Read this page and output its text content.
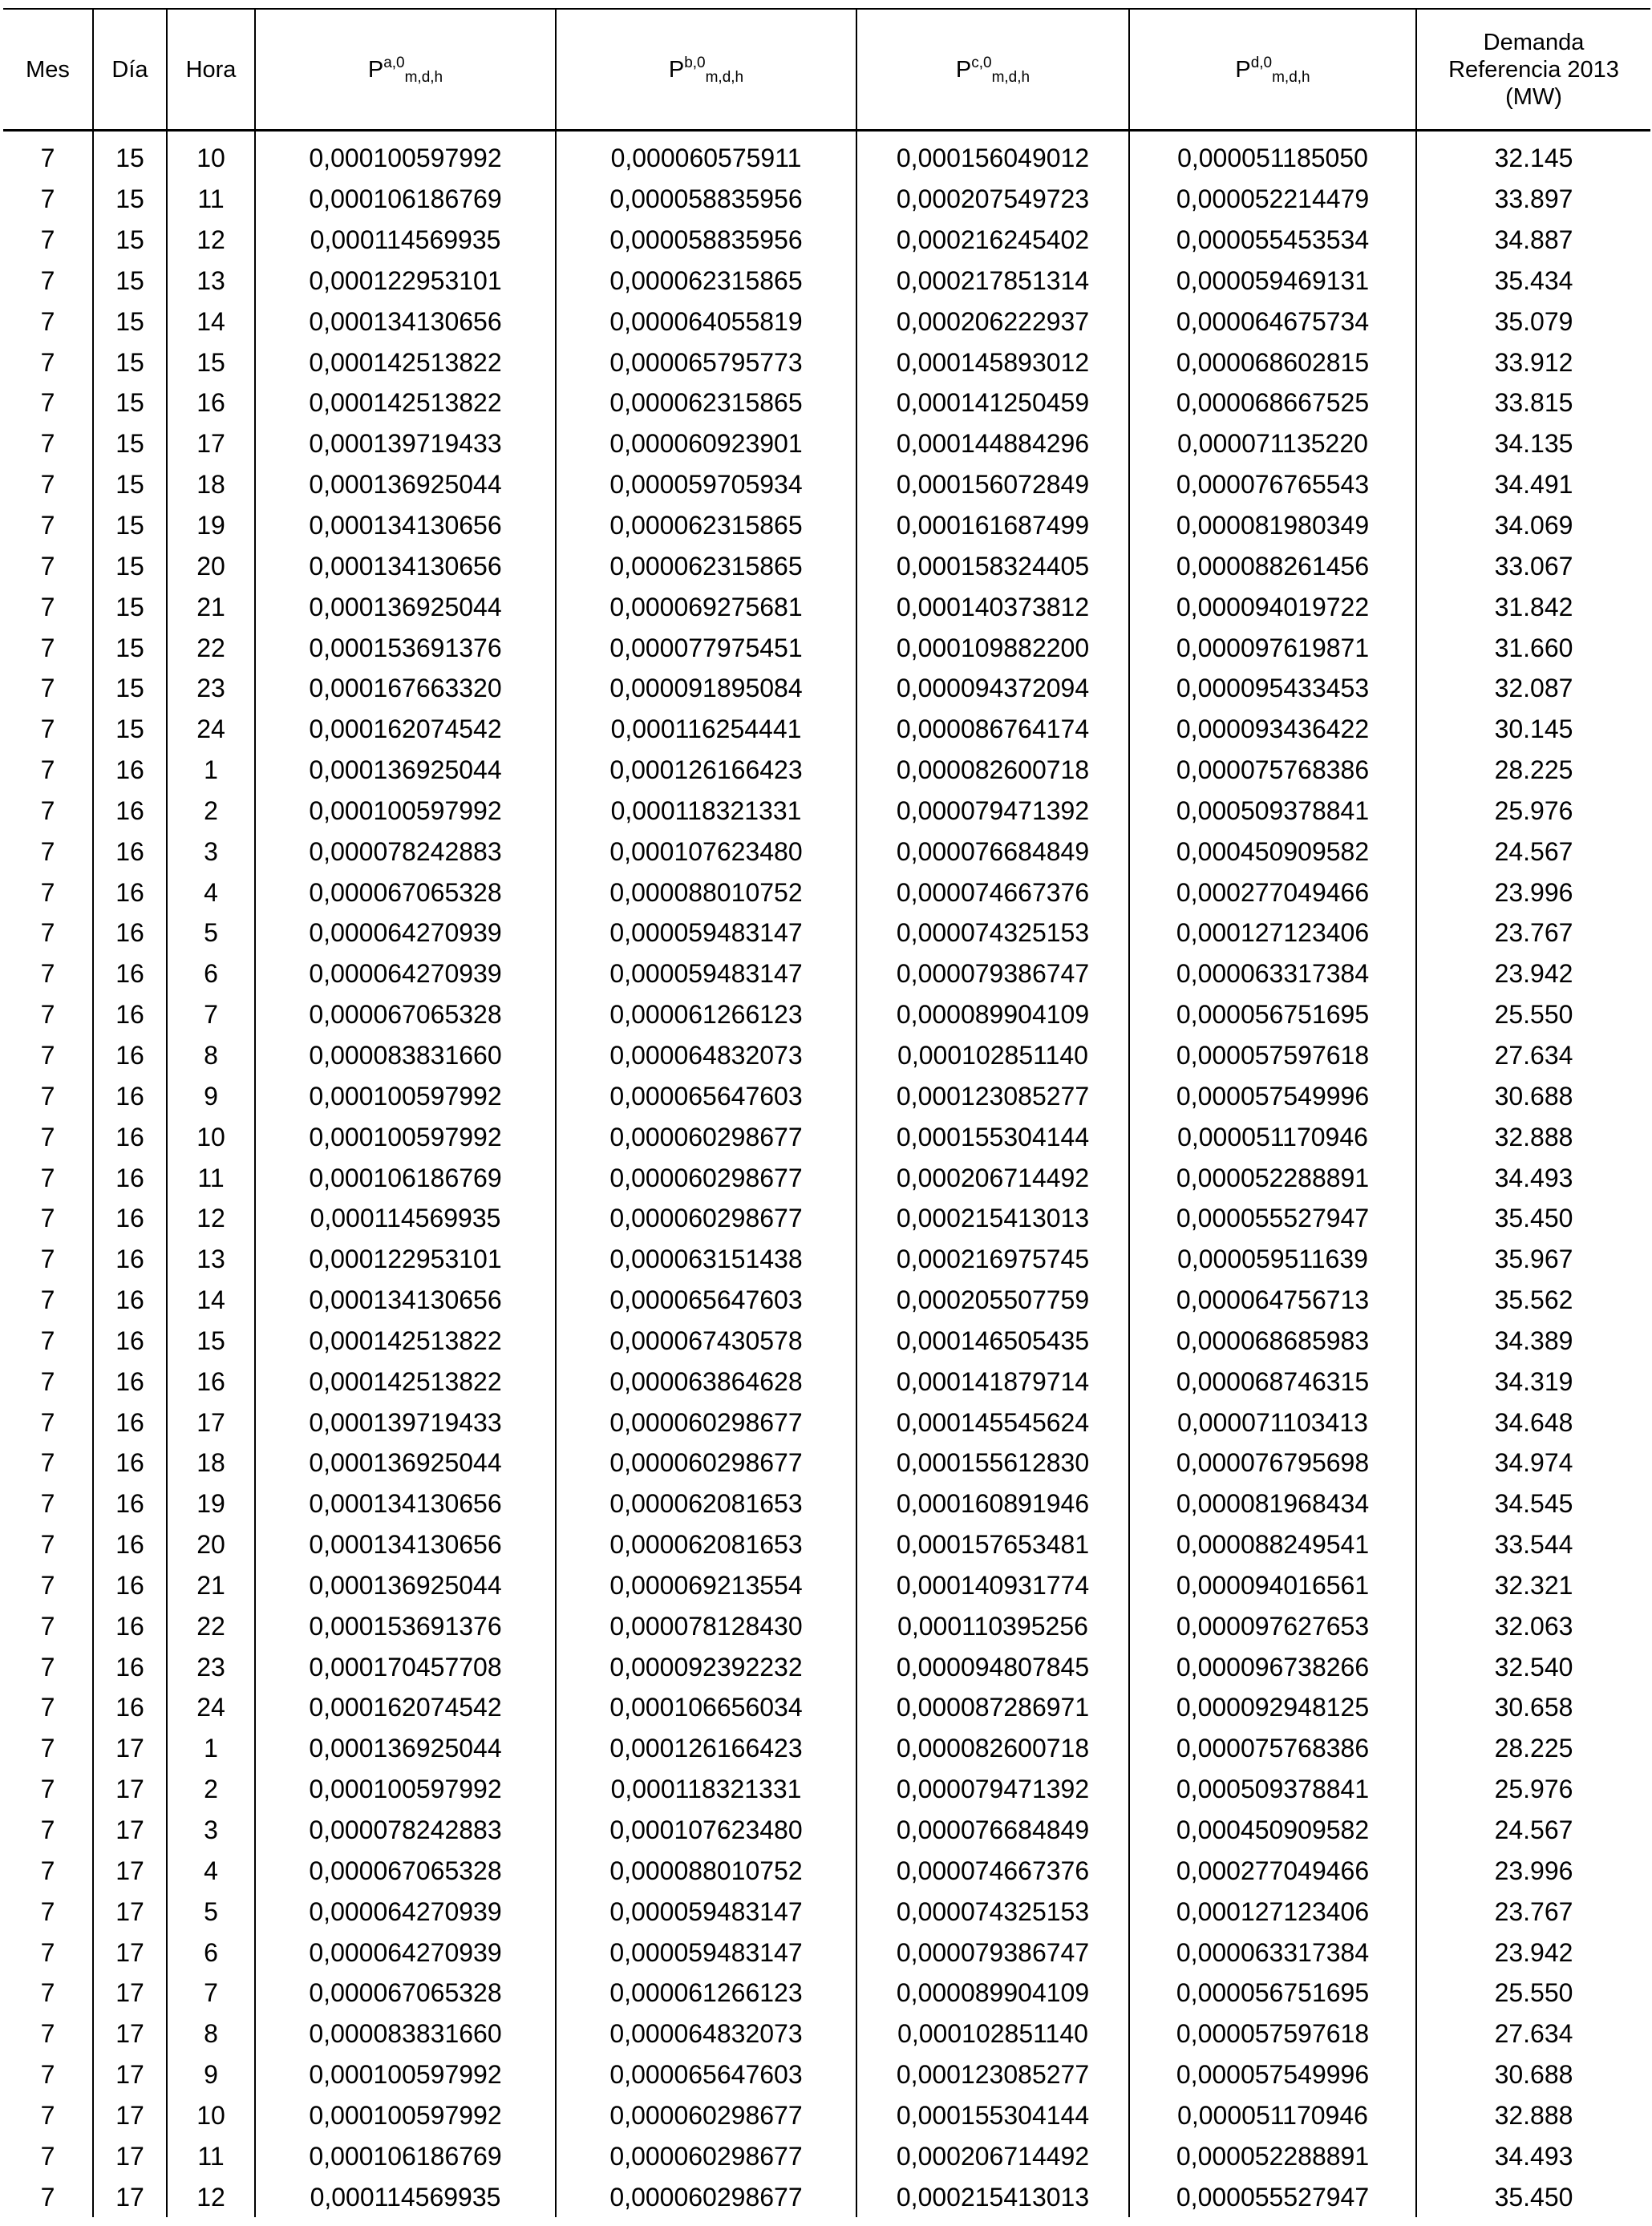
Mes	Día	Hora	P$^{a,0}_{m,d,h}$	P$^{b,0}_{m,d,h}$	P$^{c,0}_{m,d,h}$	P$^{d,0}_{m,d,h}$	Demanda
Referencia 2013
(MW)
7	15	10	0,000100597992	0,000060575911	0,000156049012	0,000051185050	32.145
7	15	11	0,000106186769	0,000058835956	0,000207549723	0,000052214479	33.897
7	15	12	0,000114569935	0,000058835956	0,000216245402	0,000055453534	34.887
7	15	13	0,000122953101	0,000062315865	0,000217851314	0,000059469131	35.434
7	15	14	0,000134130656	0,000064055819	0,000206222937	0,000064675734	35.079
7	15	15	0,000142513822	0,000065795773	0,000145893012	0,000068602815	33.912
7	15	16	0,000142513822	0,000062315865	0,000141250459	0,000068667525	33.815
7	15	17	0,000139719433	0,000060923901	0,000144884296	0,000071135220	34.135
7	15	18	0,000136925044	0,000059705934	0,000156072849	0,000076765543	34.491
7	15	19	0,000134130656	0,000062315865	0,000161687499	0,000081980349	34.069
7	15	20	0,000134130656	0,000062315865	0,000158324405	0,000088261456	33.067
7	15	21	0,000136925044	0,000069275681	0,000140373812	0,000094019722	31.842
7	15	22	0,000153691376	0,000077975451	0,000109882200	0,000097619871	31.660
7	15	23	0,000167663320	0,000091895084	0,000094372094	0,000095433453	32.087
7	15	24	0,000162074542	0,000116254441	0,000086764174	0,000093436422	30.145
7	16	1	0,000136925044	0,000126166423	0,000082600718	0,000075768386	28.225
7	16	2	0,000100597992	0,000118321331	0,000079471392	0,000509378841	25.976
7	16	3	0,000078242883	0,000107623480	0,000076684849	0,000450909582	24.567
7	16	4	0,000067065328	0,000088010752	0,000074667376	0,000277049466	23.996
7	16	5	0,000064270939	0,000059483147	0,000074325153	0,000127123406	23.767
7	16	6	0,000064270939	0,000059483147	0,000079386747	0,000063317384	23.942
7	16	7	0,000067065328	0,000061266123	0,000089904109	0,000056751695	25.550
7	16	8	0,000083831660	0,000064832073	0,000102851140	0,000057597618	27.634
7	16	9	0,000100597992	0,000065647603	0,000123085277	0,000057549996	30.688
7	16	10	0,000100597992	0,000060298677	0,000155304144	0,000051170946	32.888
7	16	11	0,000106186769	0,000060298677	0,000206714492	0,000052288891	34.493
7	16	12	0,000114569935	0,000060298677	0,000215413013	0,000055527947	35.450
7	16	13	0,000122953101	0,000063151438	0,000216975745	0,000059511639	35.967
7	16	14	0,000134130656	0,000065647603	0,000205507759	0,000064756713	35.562
7	16	15	0,000142513822	0,000067430578	0,000146505435	0,000068685983	34.389
7	16	16	0,000142513822	0,000063864628	0,000141879714	0,000068746315	34.319
7	16	17	0,000139719433	0,000060298677	0,000145545624	0,000071103413	34.648
7	16	18	0,000136925044	0,000060298677	0,000155612830	0,000076795698	34.974
7	16	19	0,000134130656	0,000062081653	0,000160891946	0,000081968434	34.545
7	16	20	0,000134130656	0,000062081653	0,000157653481	0,000088249541	33.544
7	16	21	0,000136925044	0,000069213554	0,000140931774	0,000094016561	32.321
7	16	22	0,000153691376	0,000078128430	0,000110395256	0,000097627653	32.063
7	16	23	0,000170457708	0,000092392232	0,000094807845	0,000096738266	32.540
7	16	24	0,000162074542	0,000106656034	0,000087286971	0,000092948125	30.658
7	17	1	0,000136925044	0,000126166423	0,000082600718	0,000075768386	28.225
7	17	2	0,000100597992	0,000118321331	0,000079471392	0,000509378841	25.976
7	17	3	0,000078242883	0,000107623480	0,000076684849	0,000450909582	24.567
7	17	4	0,000067065328	0,000088010752	0,000074667376	0,000277049466	23.996
7	17	5	0,000064270939	0,000059483147	0,000074325153	0,000127123406	23.767
7	17	6	0,000064270939	0,000059483147	0,000079386747	0,000063317384	23.942
7	17	7	0,000067065328	0,000061266123	0,000089904109	0,000056751695	25.550
7	17	8	0,000083831660	0,000064832073	0,000102851140	0,000057597618	27.634
7	17	9	0,000100597992	0,000065647603	0,000123085277	0,000057549996	30.688
7	17	10	0,000100597992	0,000060298677	0,000155304144	0,000051170946	32.888
7	17	11	0,000106186769	0,000060298677	0,000206714492	0,000052288891	34.493
7	17	12	0,000114569935	0,000060298677	0,000215413013	0,000055527947	35.450
